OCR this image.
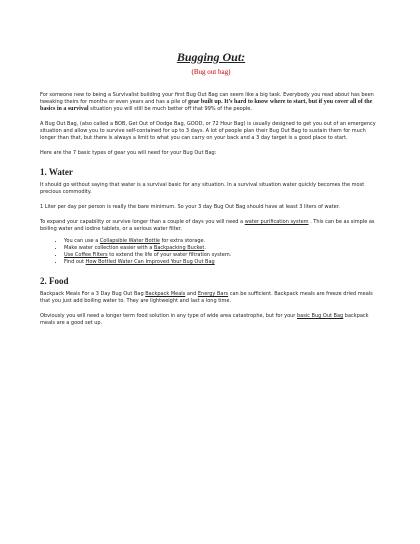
Bugging Out:
(Bug out bag)

For someone new to being a Survivalist building your first Bug Out Bag can seem like a big task. Everybody you read about has been tweaking theirs for months or even years and has a pile of gear built up. It’s hard to know where to start, but if you cover all of the basics in a survival situation you will still be much better off that 99% of the people.

A Bug Out Bag, (also called a BOB, Get Out of Dodge Bag, GOOD, or 72 Hour Bag) is usually designed to get you out of an emergency situation and allow you to survive self-contained for up to 3 days. A lot of people plan their Bug Out Bag to sustain them for much longer than that, but there is always a limit to what you can carry on your back and a 3 day target is a good place to start.

Here are the 7 basic types of gear you will need for your Bug Out Bag:

1. Water

It should go without saying that water is a survival basic for any situation. In a survival situation water quickly becomes the most precious commodity.

1 Liter per day per person is really the bare minimum. So your 3 day Bug Out Bag should have at least 3 liters of water.

To expand your capability or survive longer than a couple of days you will need a water purification system . This can be as simple as boiling water and iodine tablets, or a serious water filter.

• You can use a Collapsible Water Bottle for extra storage.
• Make water collection easier with a Backpacking Bucket.
• Use Coffee Filters to extend the life of your water filtration system.
• Find out How Bottled Water Can Improved Your Bug Out Bag
2. Food

Backpack Meals For a 3 Day Bug Out Bag Backpack Meals and Energy Bars can be sufficient. Backpack meals are freeze dried meals that you just add boiling water to. They are lightweight and last a long time.

Obviously you will need a longer term food solution in any type of wide area catastrophe, but for your basic Bug Out Bag backpack meals are a good set up.
